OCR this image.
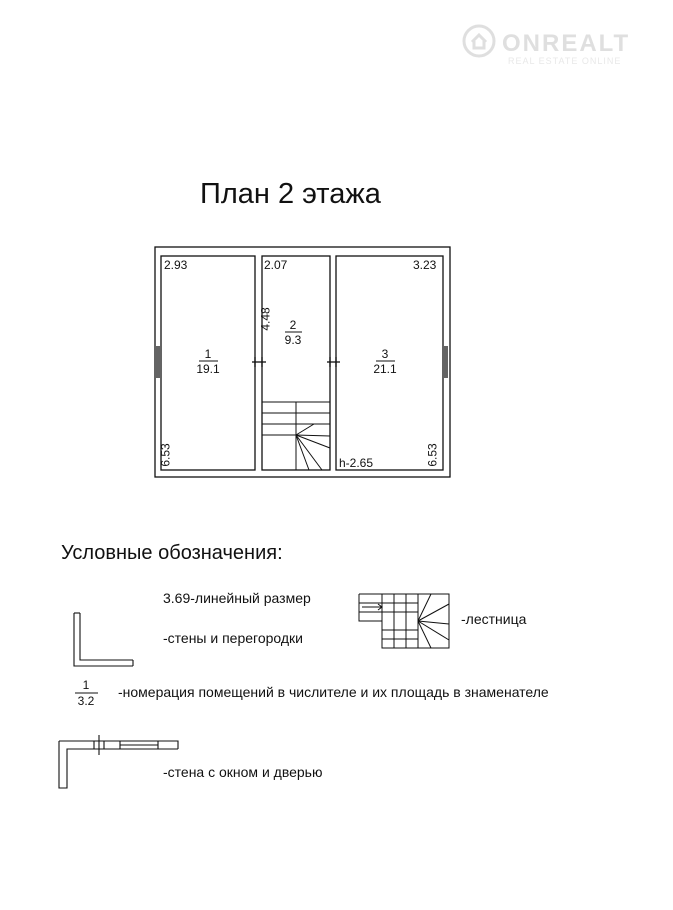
ONREALT
REAL ESTATE ONLINE
План 2 этажа
2.93	2.07	3.23
4.48
6.53	6.53
h-2.65
1
19.1
2
9.3
3
21.1
Условные обозначения:
3.69-линейный размер
-стены и перегородки
-лестница
1
3.2
-номерация помещений в числителе и их площадь в знаменателе
-стена с окном и дверью
